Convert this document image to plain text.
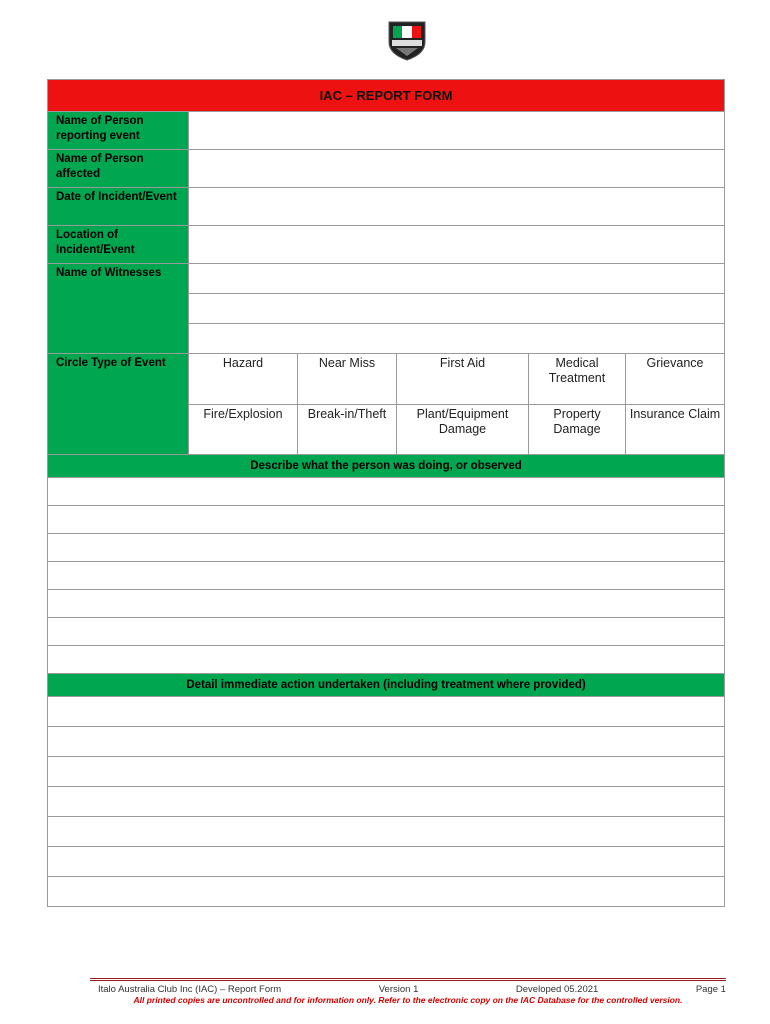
IAC – REPORT FORM					
Name of Person reporting event					
Name of Person affected					
Date of Incident/Event					
Location of Incident/Event					
Name of Witnesses					

Circle Type of Event	Hazard	Near Miss	First Aid	Medical Treatment	Grievance
	Fire/Explosion	Break-in/Theft	Plant/Equipment Damage	Property Damage	Insurance Claim
Describe what the person was doing, or observed					

Detail immediate action undertaken (including treatment where provided)					

Italo Australia Club Inc (IAC) – Report Form	Version 1	Developed 05.2021	Page 1
All printed copies are uncontrolled and for information only. Refer to the electronic copy on the IAC Database for the controlled version.
